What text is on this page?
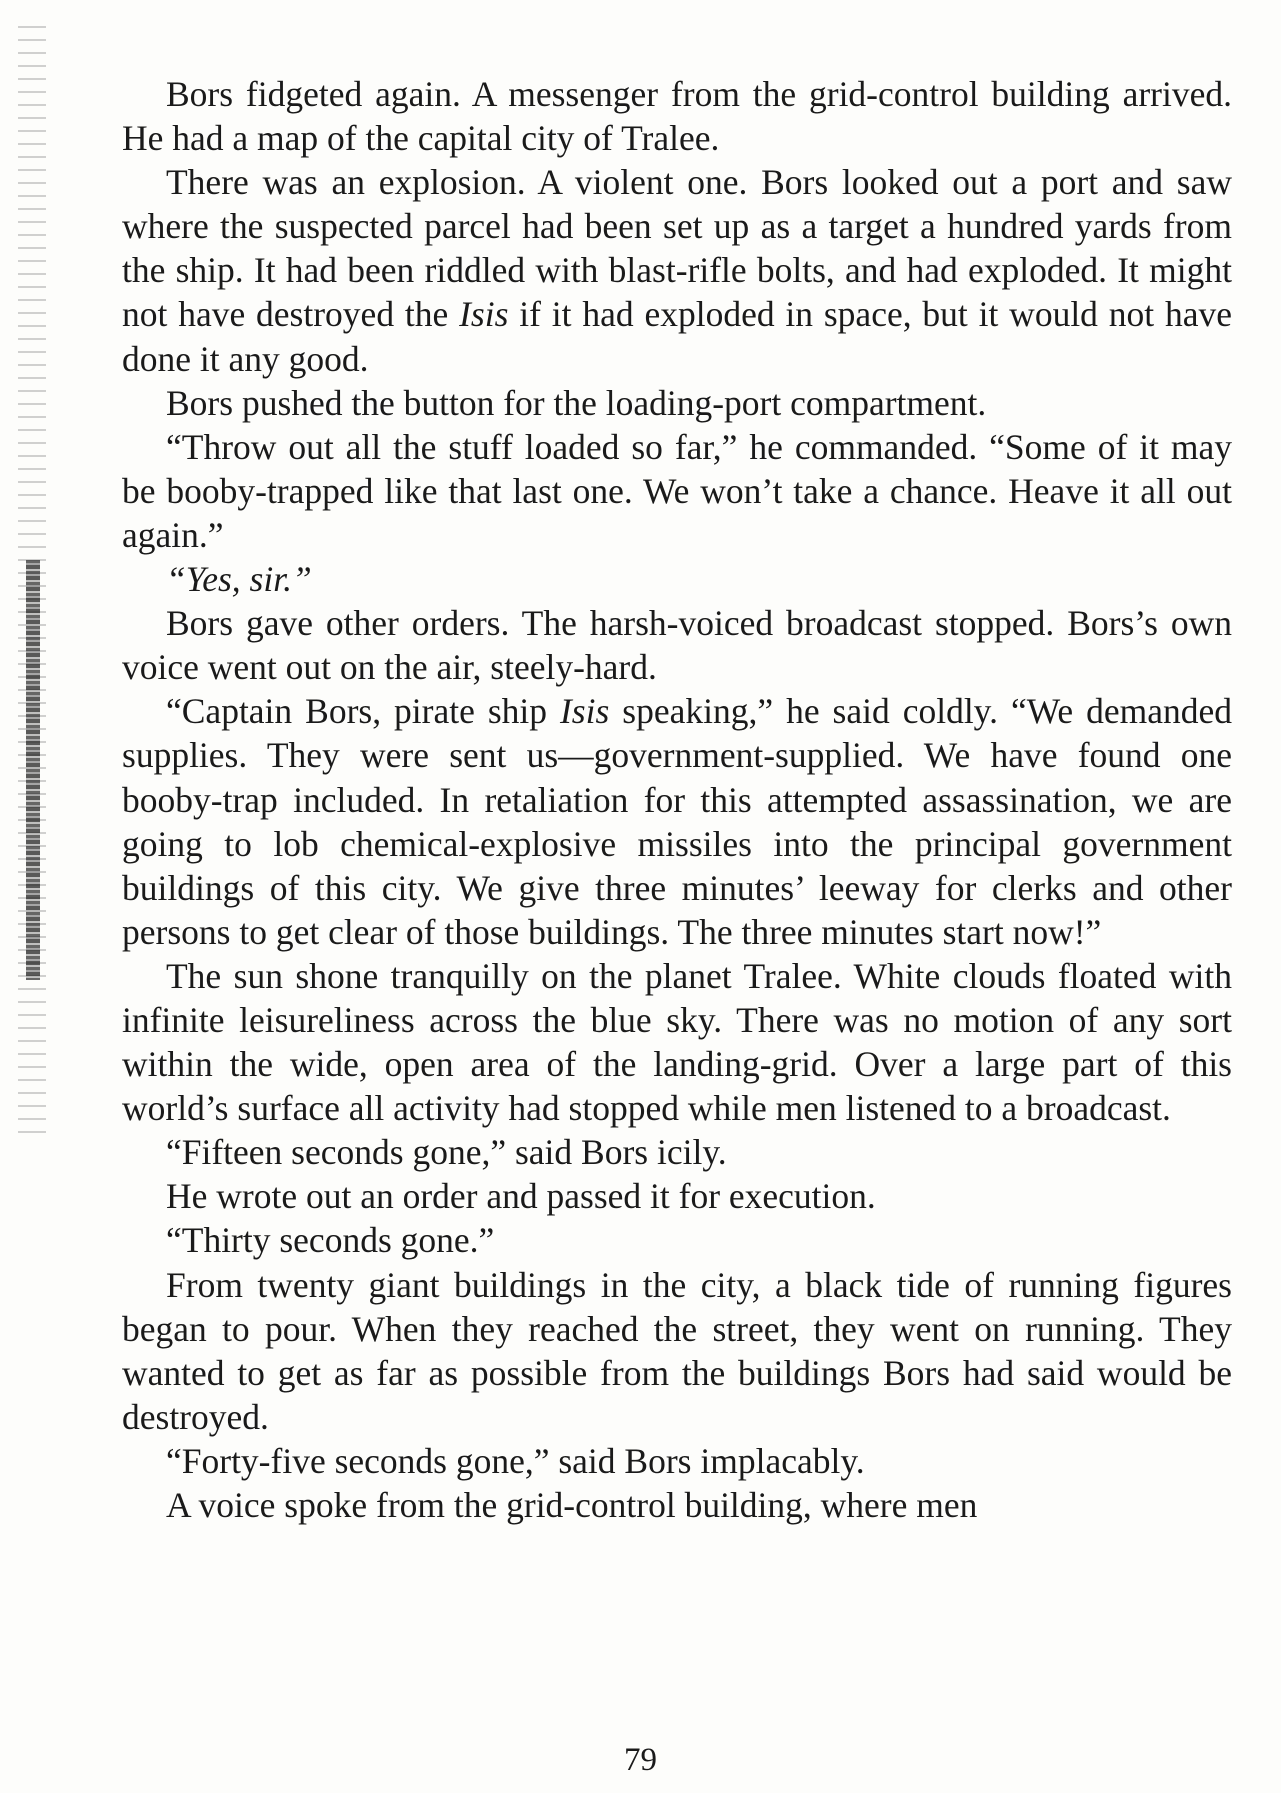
Bors fidgeted again. A messenger from the grid-control building arrived. He had a map of the capital city of Tralee.

There was an explosion. A violent one. Bors looked out a port and saw where the suspected parcel had been set up as a target a hundred yards from the ship. It had been riddled with blast-rifle bolts, and had exploded. It might not have destroyed the Isis if it had exploded in space, but it would not have done it any good.

Bors pushed the button for the loading-port compartment.

“Throw out all the stuff loaded so far,” he commanded. “Some of it may be booby-trapped like that last one. We won’t take a chance. Heave it all out again.”

“Yes, sir.”

Bors gave other orders. The harsh-voiced broadcast stopped. Bors’s own voice went out on the air, steely-hard.

“Captain Bors, pirate ship Isis speaking,” he said coldly. “We demanded supplies. They were sent us—government-supplied. We have found one booby-trap included. In retaliation for this attempted assassination, we are going to lob chemical-explosive missiles into the principal government buildings of this city. We give three minutes’ leeway for clerks and other persons to get clear of those buildings. The three minutes start now!”

The sun shone tranquilly on the planet Tralee. White clouds floated with infinite leisureliness across the blue sky. There was no motion of any sort within the wide, open area of the landing-grid. Over a large part of this world’s surface all activity had stopped while men listened to a broadcast.

“Fifteen seconds gone,” said Bors icily.

He wrote out an order and passed it for execution.

“Thirty seconds gone.”

From twenty giant buildings in the city, a black tide of running figures began to pour. When they reached the street, they went on running. They wanted to get as far as possible from the buildings Bors had said would be destroyed.

“Forty-five seconds gone,” said Bors implacably.

A voice spoke from the grid-control building, where men

79
